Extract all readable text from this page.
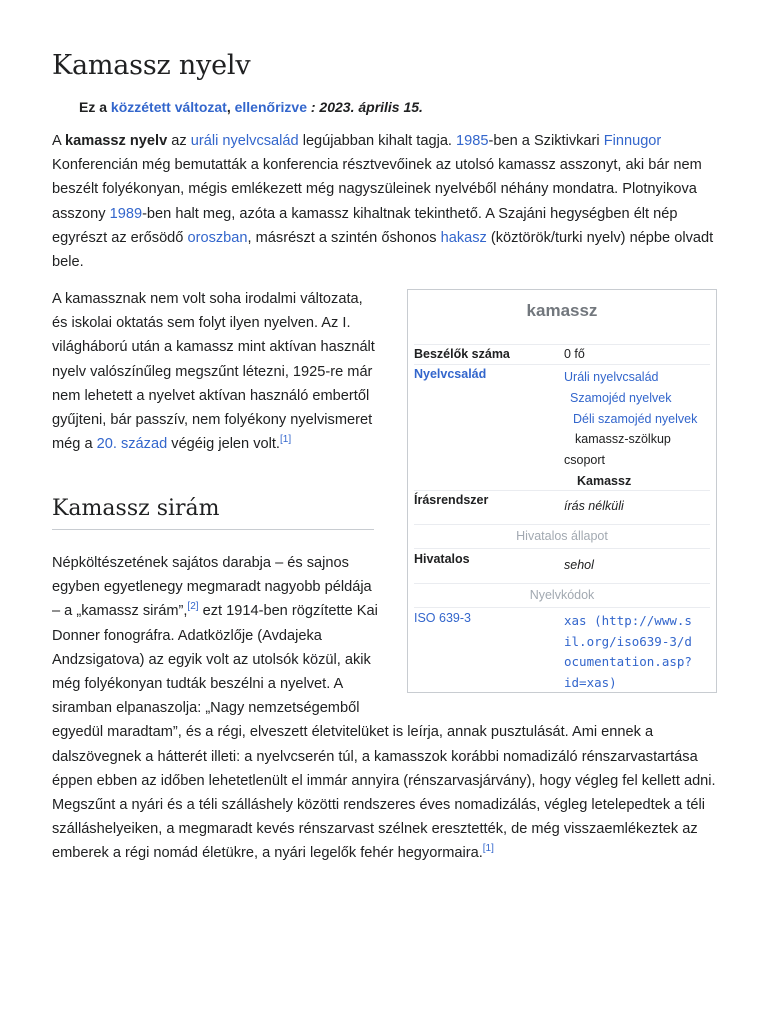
Kamassz nyelv
Ez a közzétett változat, ellenőrizve : 2023. április 15.

A kamassz nyelv az uráli nyelvcsalád legújabban kihalt tagja. 1985-ben a Sziktivkari Finnugor Konferencián még bemutatták a konferencia résztvevőinek az utolsó kamassz asszonyt, aki bár nem beszélt folyékonyan, mégis emlékezett még nagyszüleinek nyelvéből néhány mondatra. Plotnyikova asszony 1989-ben halt meg, azóta a kamassz kihaltnak tekinthető. A Szajáni hegységben élt nép egyrészt az erősödő oroszban, másrészt a szintén őshonos hakasz (köztörök/turki nyelv) népbe olvadt bele.

A kamassznak nem volt soha irodalmi változata, és iskolai oktatás sem folyt ilyen nyelven. Az I. világháború után a kamassz mint aktívan használt nyelv valószínűleg megszűnt létezni, 1925-re már nem lehetett a nyelvet aktívan használó embertől gyűjteni, bár passzív, nem folyékony nyelvismeret még a 20. század végéig jelen volt.[1]

Kamassz sirám

Népköltészetének sajátos darabja – és sajnos egyben egyetlenegy megmaradt nagyobb példája – a „kamassz sirám”,[2] ezt 1914-ben rögzítette Kai Donner fonográfra. Adatközlője (Avdajeka Andzsigatova) az egyik volt az utolsók közül, akik még folyékonyan tudták beszélni a nyelvet. A siramban elpanaszolja: „Nagy nemzetségemből egyedül maradtam”, és a régi, elveszett életvitelüket is leírja, annak pusztulását. Ami ennek a dalszövegnek a hátterét illeti: a nyelvcserén túl, a kamasszok korábbi nomadizáló rénszarvastartása éppen ebben az időben lehetetlenült el immár annyira (rénszarvasjárvány), hogy végleg fel kellett adni. Megszűnt a nyári és a téli szálláshely közötti rendszeres éves nomadizálás, végleg letelepedtek a téli szálláshelyeiken, a megmaradt kevés rénszarvast szélnek eresztették, de még visszaemlékeztek az emberek a régi nomád életükre, a nyári legelők fehér hegyormaira.[1]

kamassz
Beszélők száma	0 fő
Nyelvcsalád	Uráli nyelvcsalád
Szamojéd nyelvek
Déli szamojéd nyelvek
kamassz-szölkup
csoport
Kamassz
Írásrendszer	írás nélküli
Hivatalos állapot
Hivatalos	sehol
Nyelvkódok
ISO 639-3	xas (http://www.s
il.org/iso639-3/d
ocumentation.asp?
id=xas)
